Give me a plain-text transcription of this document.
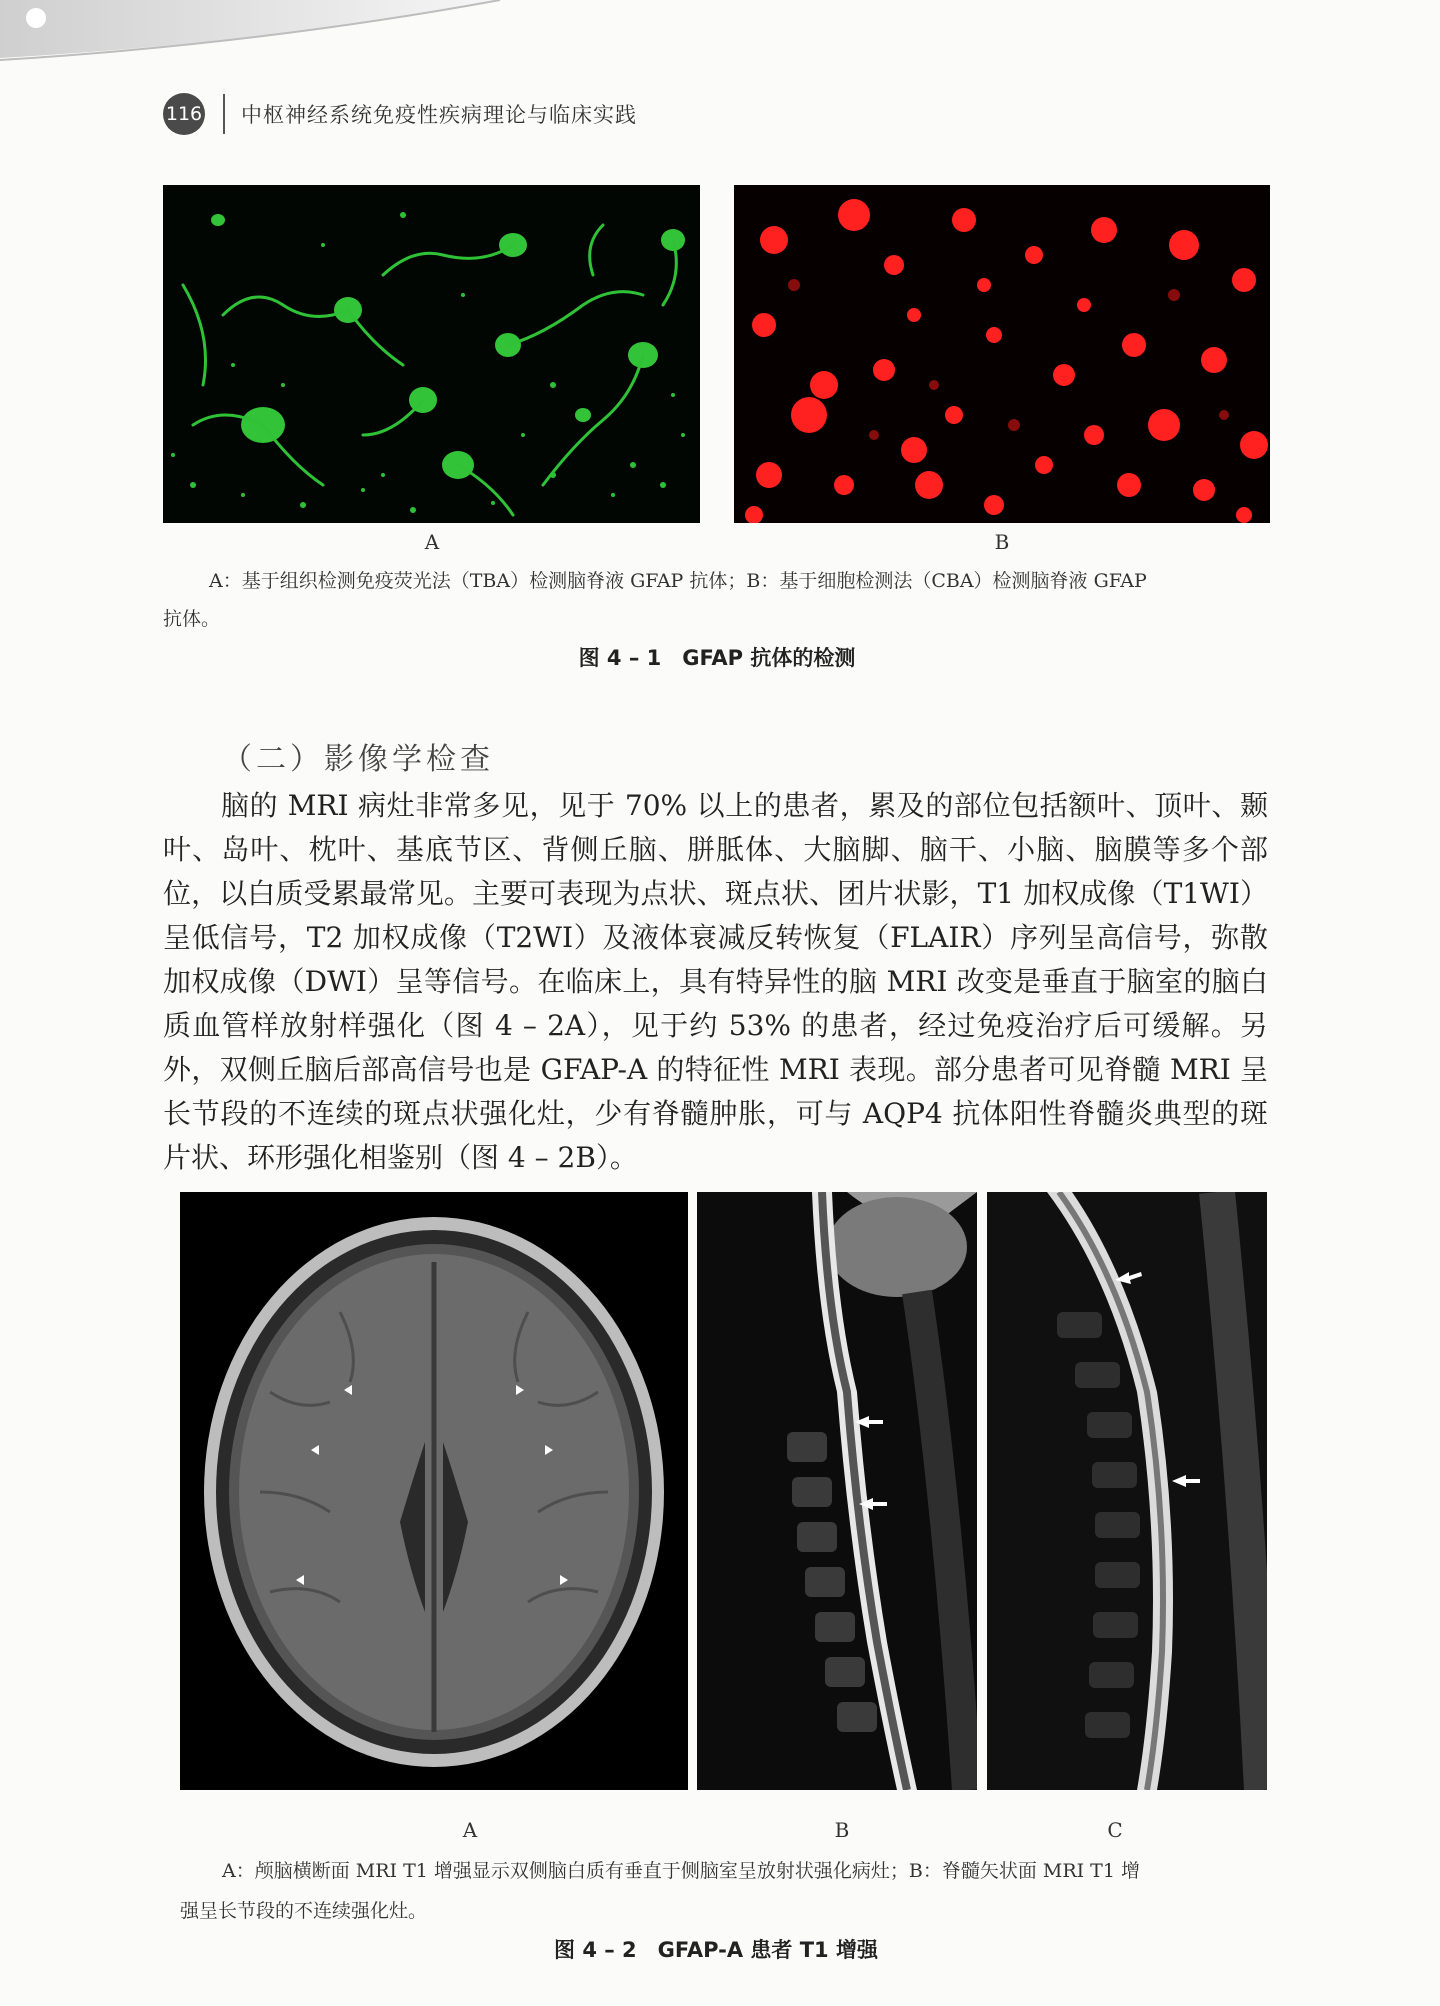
116 中枢神经系统免疫性疾病理论与临床实践
A	B
A：基于组织检测免疫荧光法（TBA）检测脑脊液 GFAP 抗体；B：基于细胞检测法（CBA）检测脑脊液 GFAP
抗体。
图 4 – 1　GFAP 抗体的检测
（二）影像学检查

脑的 MRI 病灶非常多见，见于 70% 以上的患者，累及的部位包括额叶、顶叶、颞叶、岛叶、枕叶、基底节区、背侧丘脑、胼胝体、大脑脚、脑干、小脑、脑膜等多个部位，以白质受累最常见。主要可表现为点状、斑点状、团片状影，T1 加权成像（T1WI）呈低信号，T2 加权成像（T2WI）及液体衰减反转恢复（FLAIR）序列呈高信号，弥散加权成像（DWI）呈等信号。在临床上，具有特异性的脑 MRI 改变是垂直于脑室的脑白质血管样放射样强化（图 4 – 2A），见于约 53% 的患者，经过免疫治疗后可缓解。另外，双侧丘脑后部高信号也是 GFAP-A 的特征性 MRI 表现。部分患者可见脊髓 MRI 呈长节段的不连续的斑点状强化灶，少有脊髓肿胀，可与 AQP4 抗体阳性脊髓炎典型的斑片状、环形强化相鉴别（图 4 – 2B）。

A	B	C
A：颅脑横断面 MRI T1 增强显示双侧脑白质有垂直于侧脑室呈放射状强化病灶；B：脊髓矢状面 MRI T1 增
强呈长节段的不连续强化灶。
图 4 – 2　GFAP-A 患者 T1 增强
